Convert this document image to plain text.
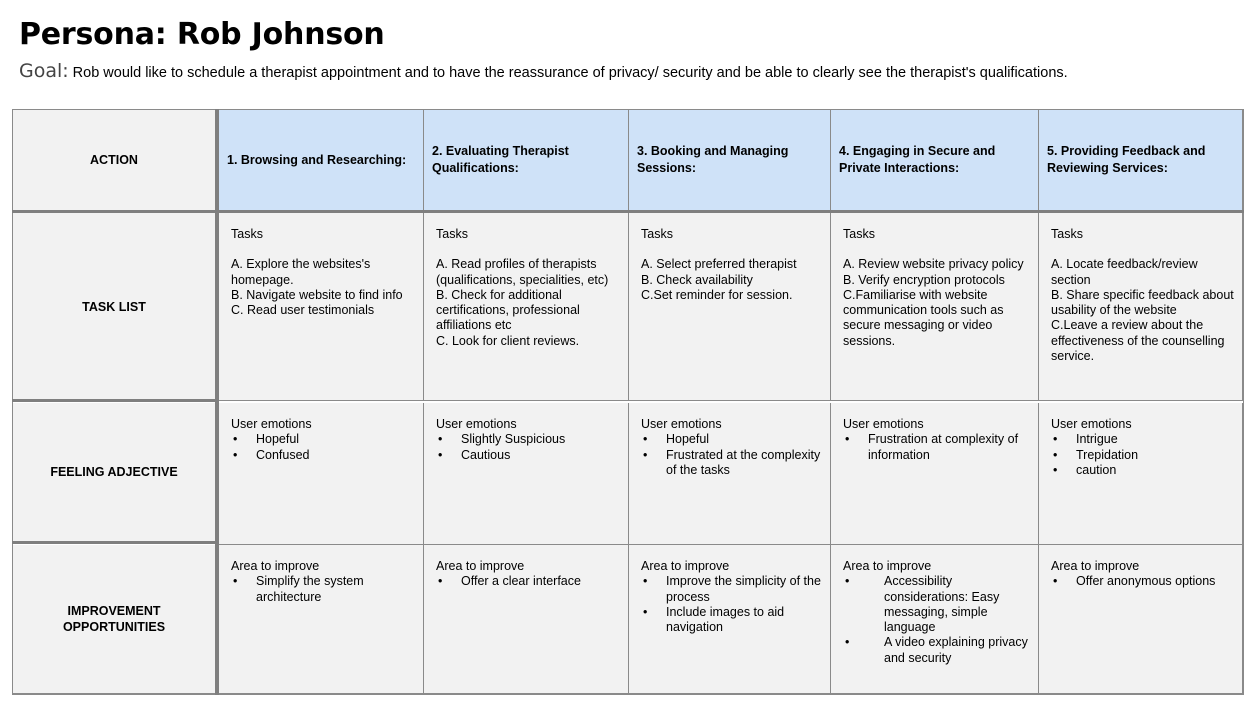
Persona: Rob Johnson
Goal: Rob would like to schedule a therapist appointment and to have the reassurance of privacy/ security and be able to clearly see the therapist's qualifications.
ACTION
TASK LIST
FEELING ADJECTIVE
IMPROVEMENT
OPPORTUNITIES
1. Browsing and Researching:
2. Evaluating Therapist
Qualifications:
3. Booking and Managing
Sessions:
4. Engaging in Secure and
Private Interactions:
5. Providing Feedback and
Reviewing Services:

Tasks

A. Explore the websites's homepage.

B. Navigate website to find info

C. Read user testimonials

Tasks

A. Read profiles of therapists (qualifications, specialities, etc)

B. Check for additional certifications, professional affiliations etc

C. Look for client reviews.

Tasks

A. Select preferred therapist

B. Check availability

C.Set reminder for session.

Tasks

A. Review website privacy policy

B. Verify encryption protocols

C.Familiarise with website communication tools such as secure messaging or video sessions.

Tasks

A. Locate feedback/review section

B. Share specific feedback about usability of the website

C.Leave a review about the effectiveness of the counselling service.

User emotions

• Hopeful
• Confused

User emotions

• Slightly Suspicious
• Cautious

User emotions

• Hopeful
• Frustrated at the complexity of the tasks

User emotions

• Frustration at complexity of information

User emotions

• Intrigue
• Trepidation
• caution

Area to improve

• Simplify the system architecture

Area to improve

• Offer a clear interface

Area to improve

• Improve the simplicity of the process
• Include images to aid navigation

Area to improve

• Accessibility considerations: Easy messaging, simple language
• A video explaining privacy and security

Area to improve

• Offer anonymous options
